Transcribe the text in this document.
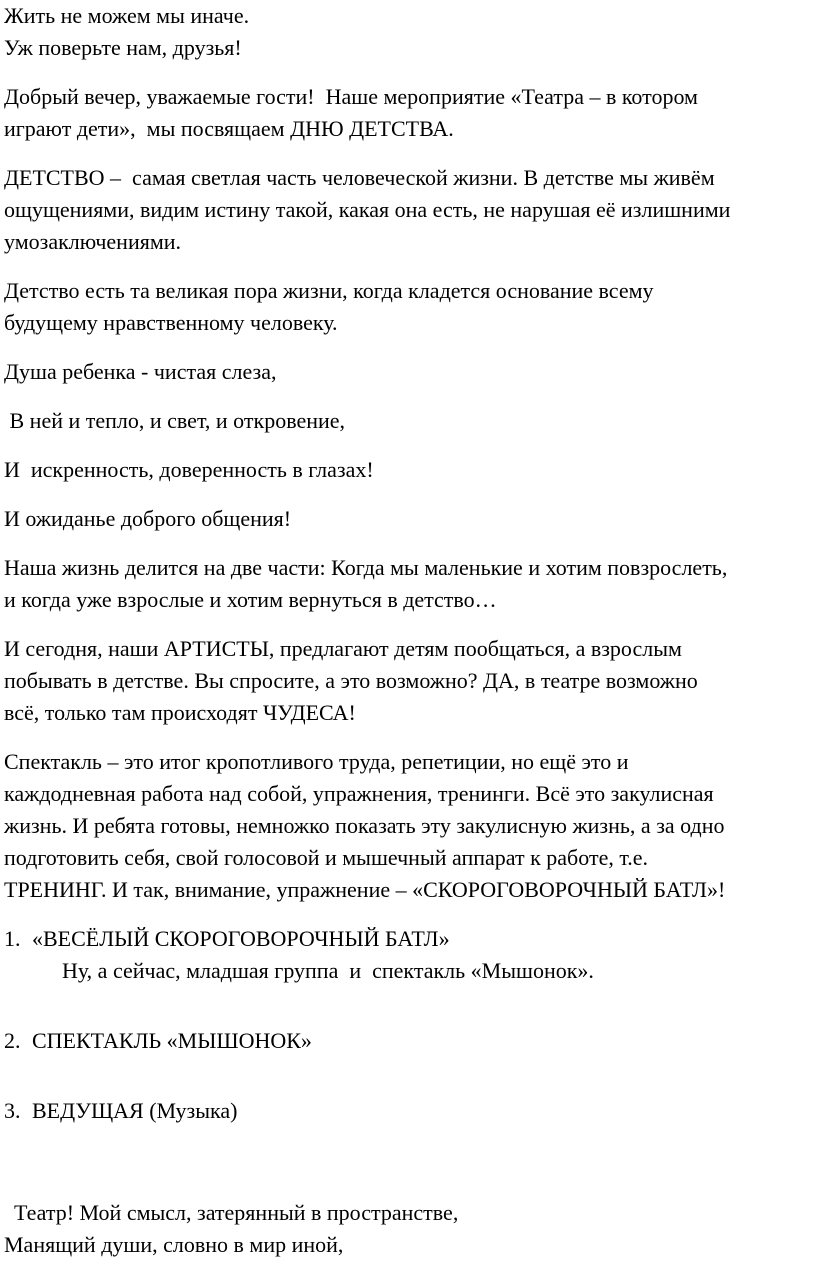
Жить не можем мы иначе.
Уж поверьте нам, друзья!
Добрый вечер, уважаемые гости!  Наше мероприятие «Театра – в котором
играют дети»,  мы посвящаем ДНЮ ДЕТСТВА.
ДЕТСТВО –  самая светлая часть человеческой жизни. В детстве мы живём
ощущениями, видим истину такой, какая она есть, не нарушая её излишними
умозаключениями.
Детство есть та великая пора жизни, когда кладется основание всему
будущему нравственному человеку.
Душа ребенка - чистая слеза,
В ней и тепло, и свет, и откровение,
И  искренность, доверенность в глазах!
И ожиданье доброго общения!
Наша жизнь делится на две части: Когда мы маленькие и хотим повзрослеть,
и когда уже взрослые и хотим вернуться в детство…
И сегодня, наши АРТИСТЫ, предлагают детям пообщаться, а взрослым
побывать в детстве. Вы спросите, а это возможно? ДА, в театре возможно
всё, только там происходят ЧУДЕСА!
Спектакль – это итог кропотливого труда, репетиции, но ещё это и
каждодневная работа над собой, упражнения, тренинги. Всё это закулисная
жизнь. И ребята готовы, немножко показать эту закулисную жизнь, а за одно
подготовить себя, свой голосовой и мышечный аппарат к работе, т.е.
ТРЕНИНГ. И так, внимание, упражнение – «СКОРОГОВОРОЧНЫЙ БАТЛ»!
1. «ВЕСЁЛЫЙ СКОРОГОВОРОЧНЫЙ БАТЛ»
Ну, а сейчас, младшая группа  и  спектакль «Мышонок».
2. СПЕКТАКЛЬ «МЫШОНОК»
3. ВЕДУЩАЯ (Музыка)
Театр! Мой смысл, затерянный в пространстве,
Манящий души, словно в мир иной,
